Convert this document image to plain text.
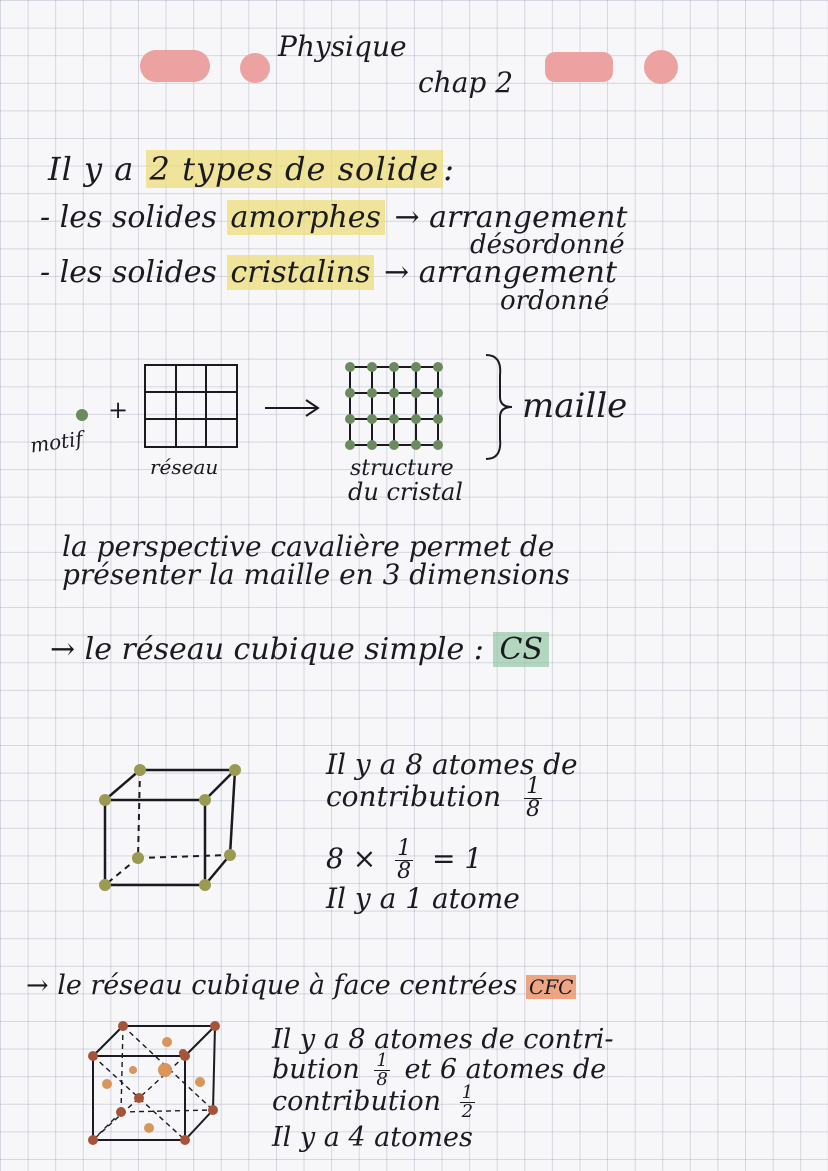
Physique
chap 2
Il y a 2 types de solide :
- les solides amorphes → arrangement
désordonné
- les solides cristalins → arrangement
ordonné
+
motif
réseau	structure
du cristal
maille
la perspective cavalière permet de
présenter la maille en 3 dimensions
→ le réseau cubique simple : CS
Il y a 8 atomes de
contribution $\frac{1}{8}$
$8 \times \frac{1}{8} = 1$
Il y a 1 atome
→ le réseau cubique à face centrées CFC
Il y a 8 atomes de contri-
bution $\frac{1}{8}$ et 6 atomes de
contribution $\frac{1}{2}$
Il y a 4 atomes
